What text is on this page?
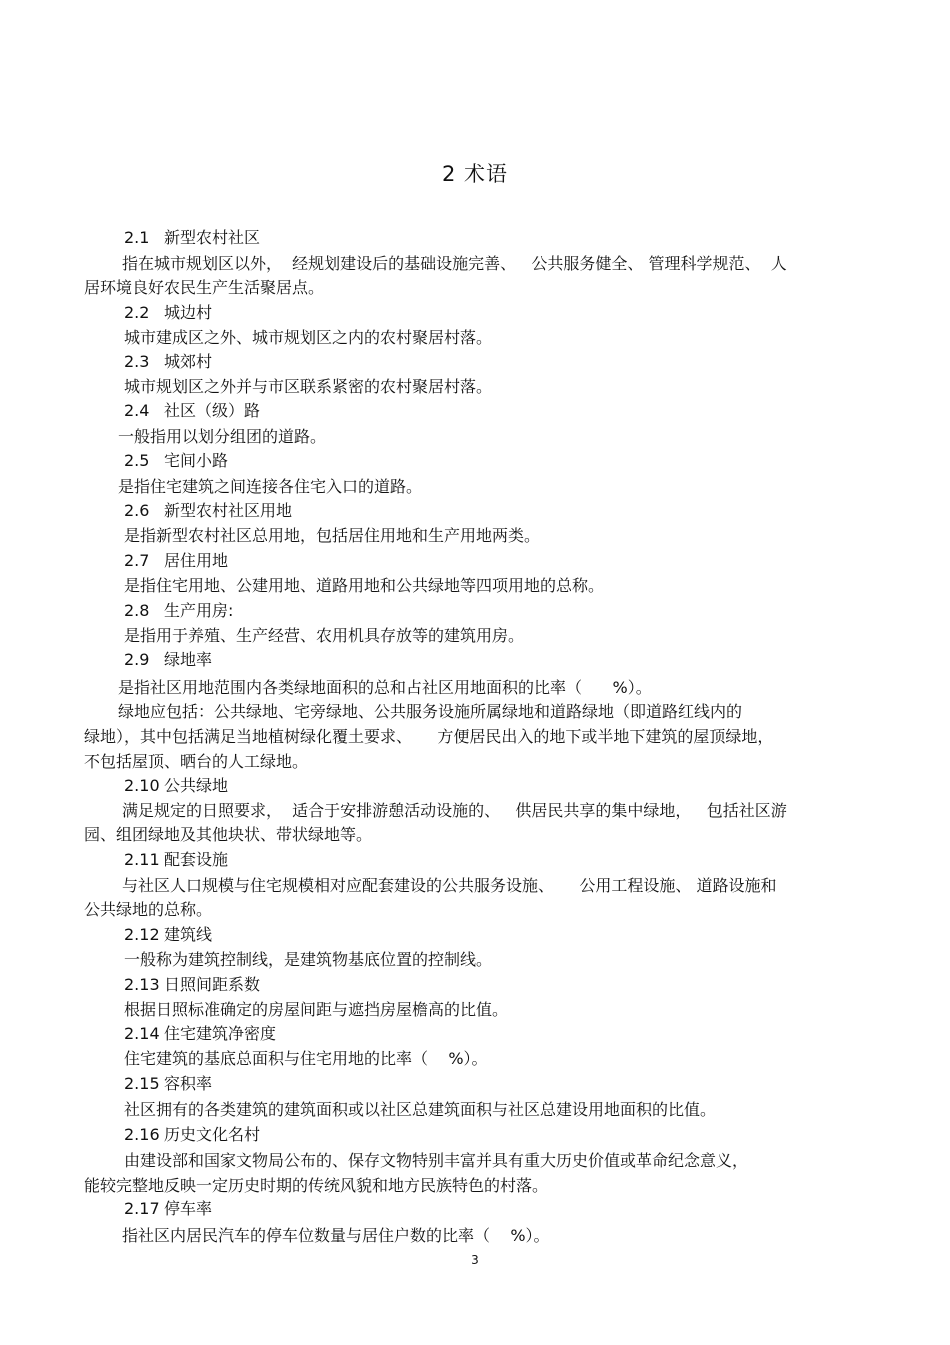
2 术语
2.1 新型农村社区
指在城市规划区以外，  经规划建设后的基础设施完善、   公共服务健全、 管理科学规范、  人
居环境良好农民生产生活聚居点。
2.2 城边村
城市建成区之外、城市规划区之内的农村聚居村落。
2.3 城郊村
城市规划区之外并与市区联系紧密的农村聚居村落。
2.4 社区（级）路
一般指用以划分组团的道路。
2.5 宅间小路
是指住宅建筑之间连接各住宅入口的道路。
2.6 新型农村社区用地
是指新型农村社区总用地，包括居住用地和生产用地两类。
2.7 居住用地
是指住宅用地、公建用地、道路用地和公共绿地等四项用地的总称。
2.8 生产用房:
是指用于养殖、生产经营、农用机具存放等的建筑用房。
2.9 绿地率
是指社区用地范围内各类绿地面积的总和占社区用地面积的比率（      %）。
绿地应包括：公共绿地、宅旁绿地、公共服务设施所属绿地和道路绿地（即道路红线内的
绿地），其中包括满足当地植树绿化覆土要求、     方便居民出入的地下或半地下建筑的屋顶绿地，
不包括屋顶、晒台的人工绿地。
2.10 公共绿地
满足规定的日照要求，  适合于安排游憩活动设施的、   供居民共享的集中绿地，   包括社区游
园、组团绿地及其他块状、带状绿地等。
2.11 配套设施
与社区人口规模与住宅规模相对应配套建设的公共服务设施、     公用工程设施、 道路设施和
公共绿地的总称。
2.12 建筑线
一般称为建筑控制线，是建筑物基底位置的控制线。
2.13 日照间距系数
根据日照标准确定的房屋间距与遮挡房屋檐高的比值。
2.14 住宅建筑净密度
住宅建筑的基底总面积与住宅用地的比率（    %）。
2.15 容积率
社区拥有的各类建筑的建筑面积或以社区总建筑面积与社区总建设用地面积的比值。
2.16 历史文化名村
由建设部和国家文物局公布的、保存文物特别丰富并具有重大历史价值或革命纪念意义，
能较完整地反映一定历史时期的传统风貌和地方民族特色的村落。
2.17 停车率
指社区内居民汽车的停车位数量与居住户数的比率（    %）。
3
